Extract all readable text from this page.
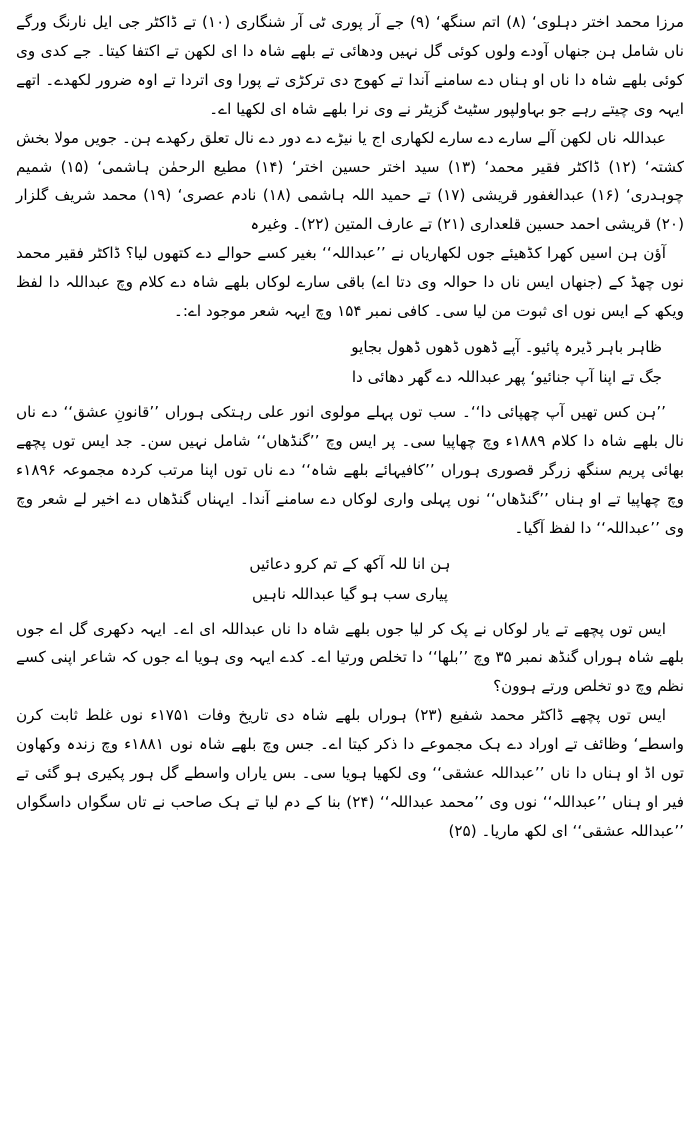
مرزا محمد اختر دہلوی‘ (۸) اتم سنگھ‘ (۹) جے آر پوری ٹی آر شنگاری (۱۰) تے ڈاکٹر جی ایل نارنگ ورگے ناں شامل ہن جنھاں آودے ولوں کوئی گل نہیں ودھائی تے بلھے شاہ دا ای لکھن تے اکتفا کیتا۔ جے کدی وی کوئی بلھے شاہ دا ناں او ہناں دے سامنے آندا تے کھوج دی ترکڑی تے پورا وی اتردا تے اوہ ضرور لکھدے۔ اتھے ایہہ وی چیتے رہے جو بہاولپور سٹیٹ گزیٹر نے وی نرا بلھے شاہ ای لکھیا اے۔

عبداللہ ناں لکھن آلے سارے دے سارے لکھاری اج یا نیڑے دے دور دے نال تعلق رکھدے ہن۔ جویں مولا بخش کشتہ‘ (۱۲) ڈاکٹر فقیر محمد‘ (۱۳) سید اختر حسین اختر‘ (۱۴) مطیع الرحمٰن ہاشمی‘ (۱۵) شمیم چوہدری‘ (۱۶) عبدالغفور قریشی (۱۷) تے حمید اللہ ہاشمی (۱۸) نادم عصری‘ (۱۹) محمد شریف گلزار (۲۰) قریشی احمد حسین قلعداری (۲۱) تے عارف المتین (۲۲)۔ وغیرہ

آؤن ہن اسیں کھرا کڈھیئے جوں لکھاریاں نے ’’عبداللہ‘‘ بغیر کسے حوالے دے کتھوں لیا؟ ڈاکٹر فقیر محمد نوں چھڈ کے (جنھاں ایس ناں دا حوالہ وی دتا اے) باقی سارے لوکاں بلھے شاہ دے کلام وچ عبداللہ دا لفظ ویکھ کے ایس نوں ای ثبوت من لیا سی۔ کافی نمبر ۱۵۴ وچ ایہہ شعر موجود اے:۔

ظاہر باہر ڈیرہ پائیو۔ آپے ڈھوں ڈھوں ڈھول بجایو
جگ تے اپنا آپ جنائیو‘ پھر عبداللہ دے گھر دھائی دا

’’ہن کس تھیں آپ چھپائی دا‘‘۔ سب توں پہلے مولوی انور علی رہتکی ہوراں ’’قانونِ عشق‘‘ دے ناں نال بلھے شاہ دا کلام ۱۸۸۹ء وچ چھاپیا سی۔ پر ایس وچ ’’گنڈھاں‘‘ شامل نہیں سن۔ جد ایس توں پچھے بھائی پریم سنگھ زرگر قصوری ہوراں ’’کافیہائے بلھے شاہ‘‘ دے ناں توں اپنا مرتب کردہ مجموعہ ۱۸۹۶ء وچ چھاپیا تے او ہناں ’’گنڈھاں‘‘ نوں پہلی واری لوکاں دے سامنے آندا۔ ایہناں گنڈھاں دے اخیر لے شعر وچ وی ’’عبداللہ‘‘ دا لفظ آگیا۔

ہن انا للہ آکھ کے تم کرو دعائیں
پیاری سب ہو گیا عبداللہ ناہیں

ایس توں پچھے تے یار لوکاں نے پک کر لیا جوں بلھے شاہ دا ناں عبداللہ ای اے۔ ایہہ دکھری گل اے جوں بلھے شاہ ہوراں گنڈھ نمبر ۳۵ وچ ’’بلھا‘‘ دا تخلص ورتیا اے۔ کدے ایہہ وی ہویا اے جوں کہ شاعر اپنی کسے نظم وچ دو تخلص ورتے ہوون؟

ایس توں پچھے ڈاکٹر محمد شفیع (۲۳) ہوراں بلھے شاہ دی تاریخ وفات ۱۷۵۱ء نوں غلط ثابت کرن واسطے‘ وظائف تے اوراد دے ہک مجموعے دا ذکر کیتا اے۔ جس وچ بلھے شاہ نوں ۱۸۸۱ء وچ زندہ وکھاون توں اڈ او ہناں دا ناں ’’عبداللہ عشقی‘‘ وی لکھیا ہویا سی۔ بس یاراں واسطے گل ہور پکیری ہو گئی تے فیر او ہناں ’’عبداللہ‘‘ نوں وی ’’محمد عبداللہ‘‘ (۲۴) بنا کے دم لیا تے ہک صاحب نے تاں سگواں داسگواں ’’عبداللہ عشقی‘‘ ای لکھ ماریا۔ (۲۵)
